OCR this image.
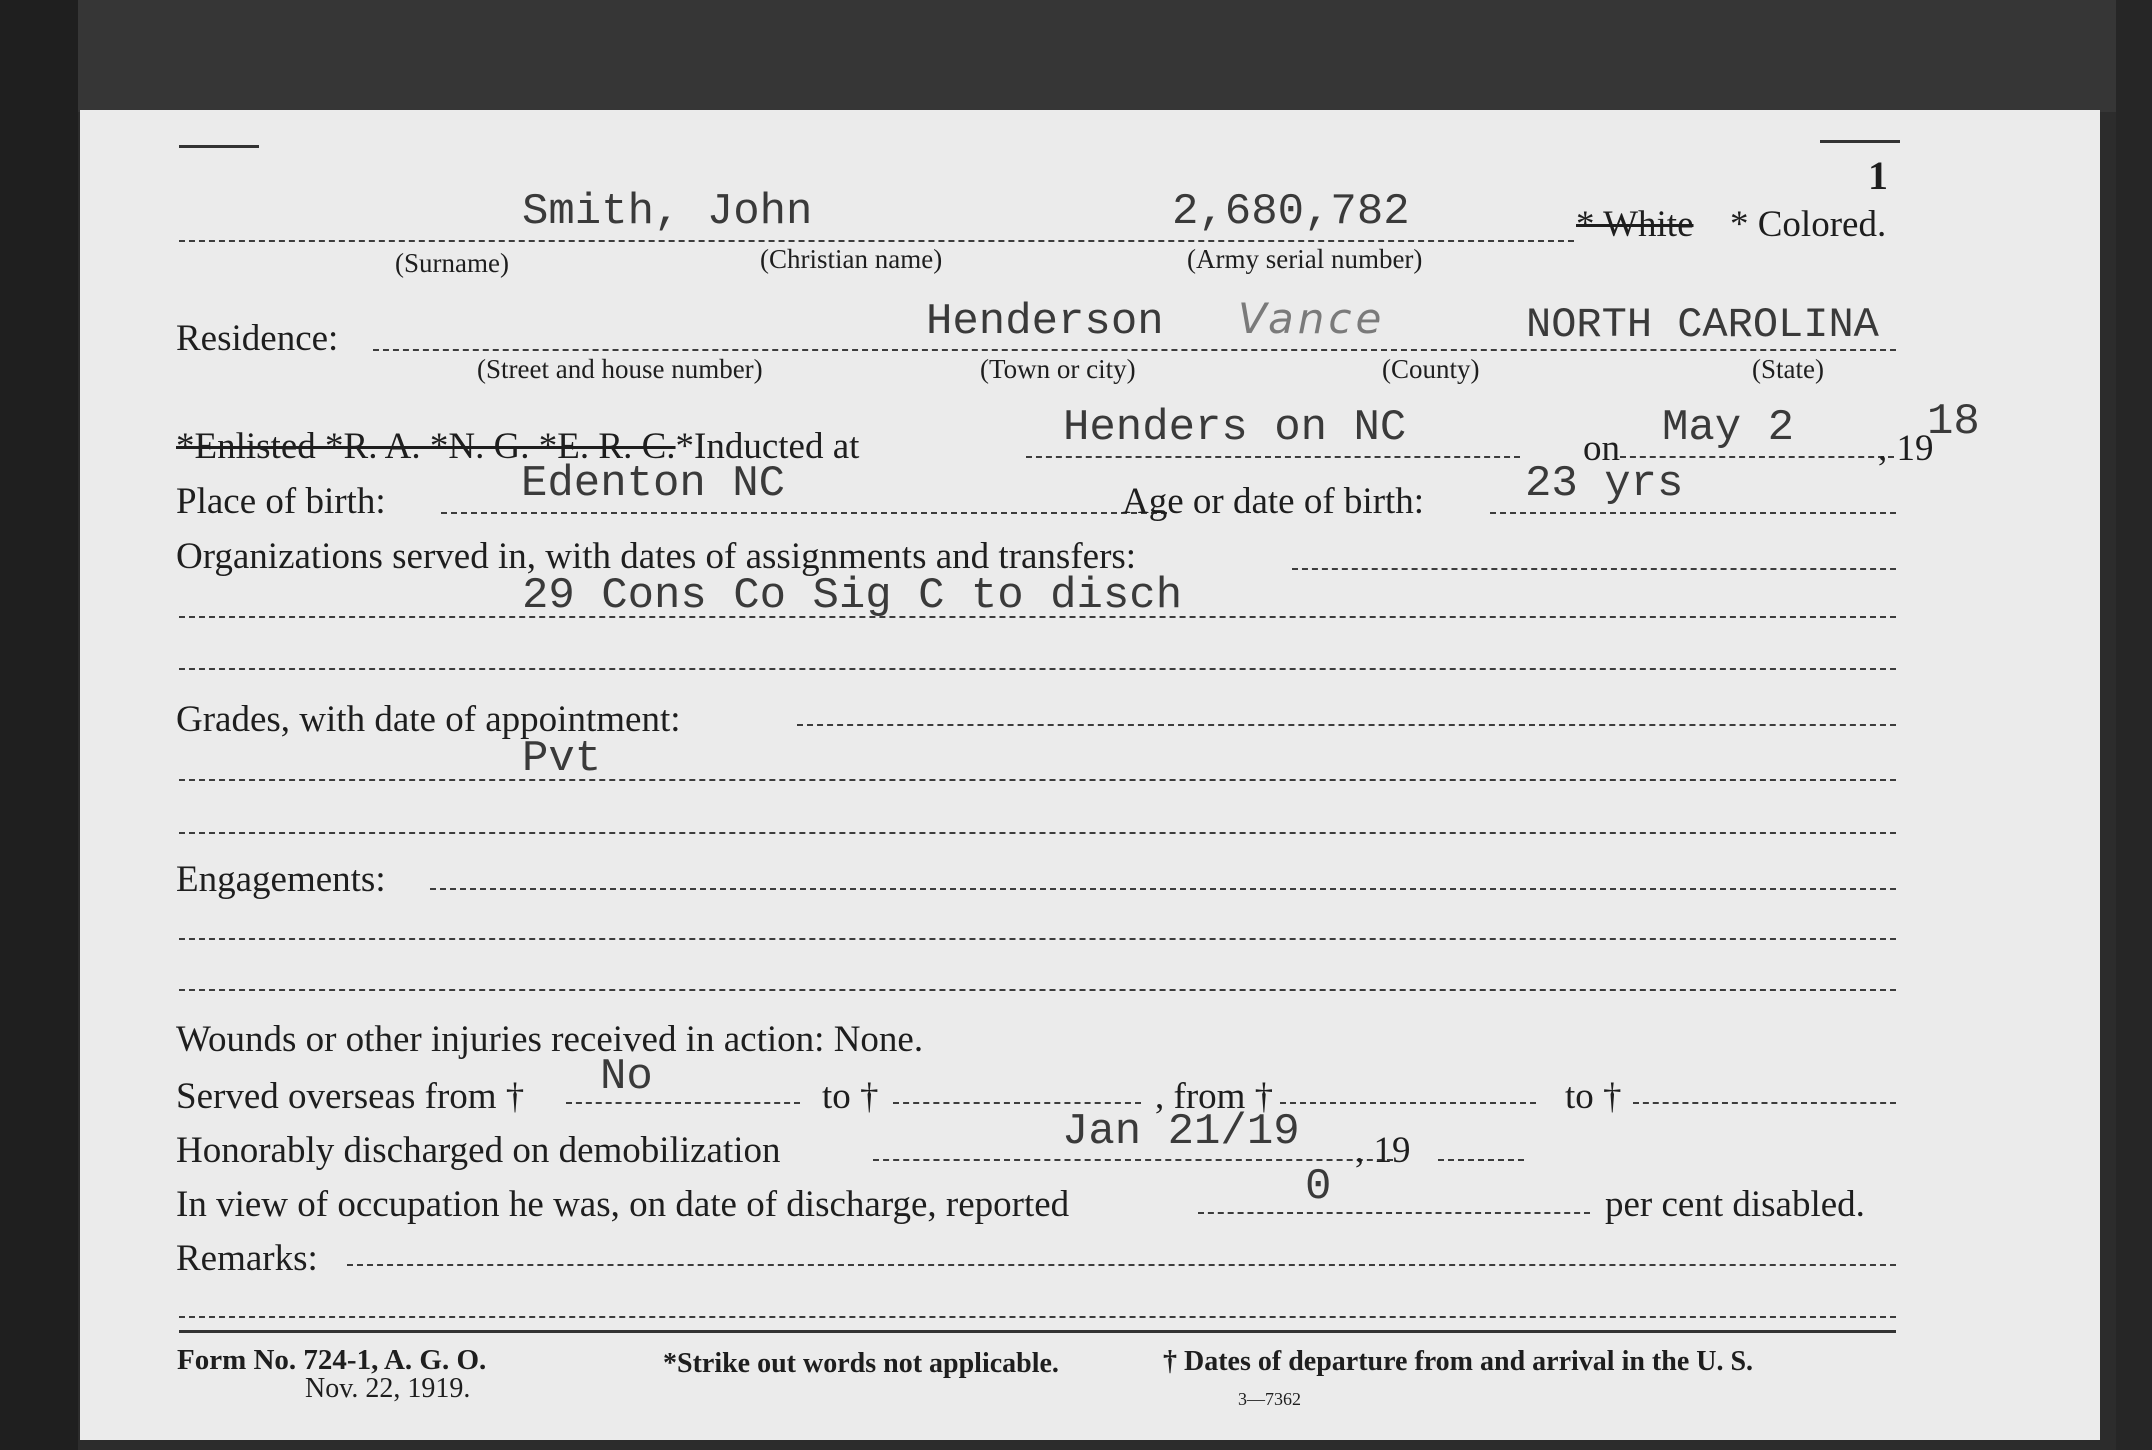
1
Smith, John	2,680,782	* White * Colored.
(Surname)	(Christian name)	(Army serial number)
Residence:	Henderson Vance	NORTH CAROLINA
(Street and house number)	(Town or city)	(County)	(State)
*Enlisted *R. A. *N. G. *E. R. C.*Inducted at	Henders on NC	on May 2 , 19
18
Place of birth:	Edenton NC	Age or date of birth: 23 yrs
Organizations served in, with dates of assignments and transfers:
29 Cons Co Sig C to disch
Grades, with date of appointment:
Pvt
Engagements:
Wounds or other injuries received in action: None.
Served overseas from † No	to †	, from †	to †
Honorably discharged on demobilization	Jan 21/19 , 19
In view of occupation he was, on date of discharge, reported	0	per cent disabled.
Remarks:
Form No. 724-1, A. G. O.
Nov. 22, 1919.
*Strike out words not applicable.	† Dates of departure from and arrival in the U. S.
3—7362
